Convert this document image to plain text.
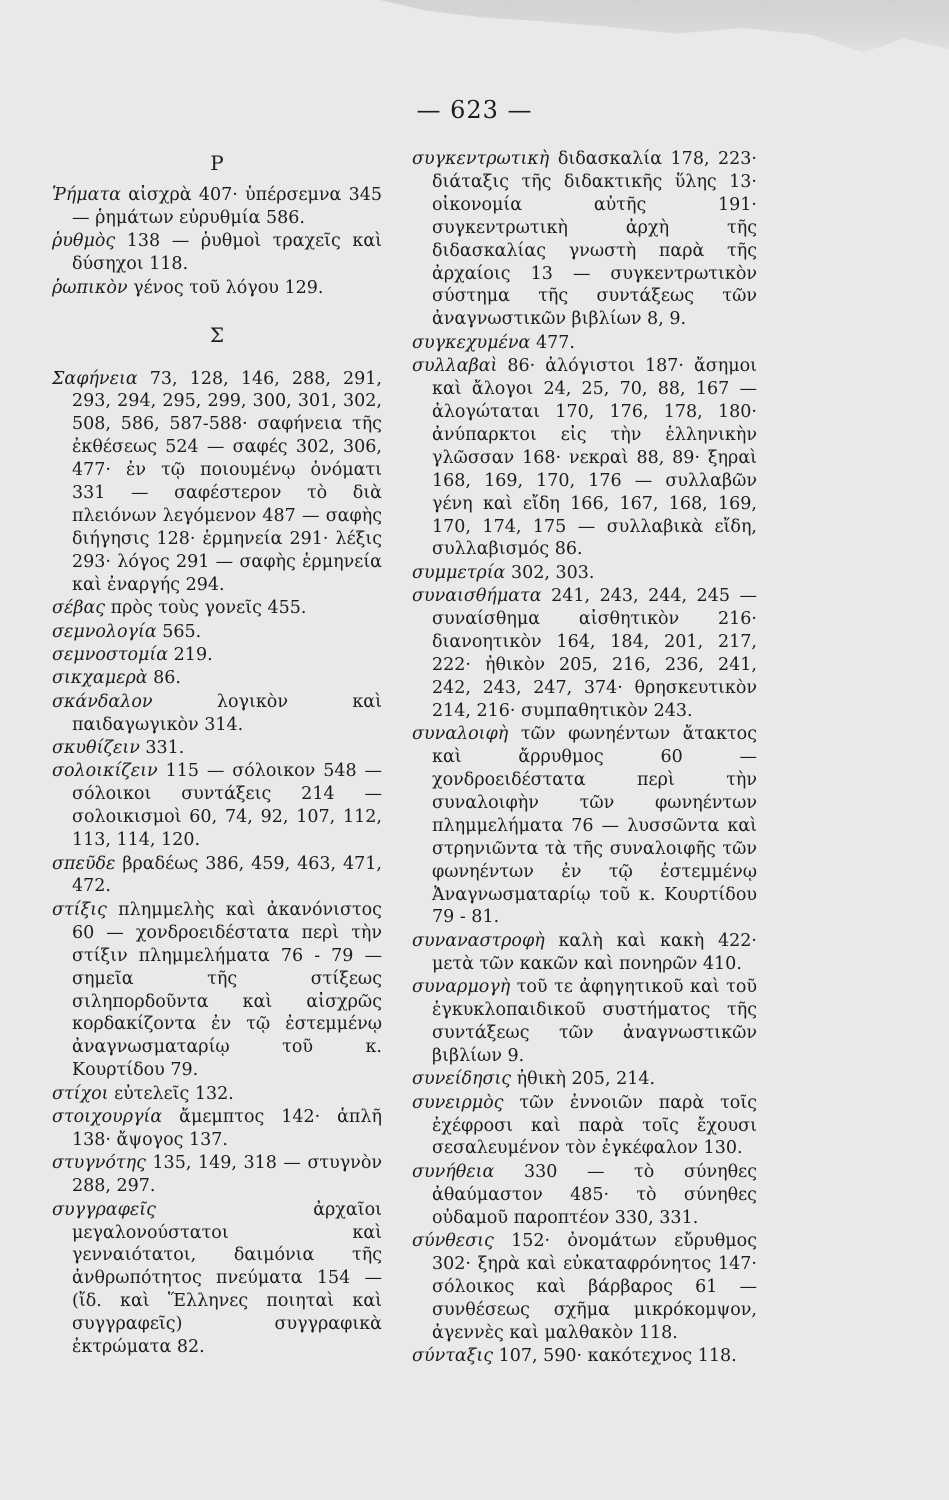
— 623 —
Ρ

Ῥήματα αἰσχρὰ 407· ὑπέρσεμνα 345 — ῥημάτων εὐρυθμία 586.

ῥυθμὸς 138 — ῥυθμοὶ τραχεῖς καὶ δύσηχοι 118.

ῥωπικὸν γένος τοῦ λόγου 129.

Σ

Σαφήνεια 73, 128, 146, 288, 291, 293, 294, 295, 299, 300, 301, 302, 508, 586, 587-588· σαφήνεια τῆς ἐκθέσεως 524 — σαφές 302, 306, 477· ἐν τῷ ποιουμένῳ ὀνόματι 331 — σαφέστερον τὸ διὰ πλειόνων λεγόμενον 487 — σαφὴς διήγησις 128· ἑρμηνεία 291· λέξις 293· λόγος 291 — σαφὴς ἑρμηνεία καὶ ἐναργής 294.

σέβας πρὸς τοὺς γονεῖς 455.

σεμνολογία 565.

σεμνοστομία 219.

σικχαμερὰ 86.

σκάνδαλον λογικὸν καὶ παιδαγωγικὸν 314.

σκυθίζειν 331.

σολοικίζειν 115 — σόλοικον 548 — σόλοικοι συντάξεις 214 — σολοικισμοὶ 60, 74, 92, 107, 112, 113, 114, 120.

σπεῦδε βραδέως 386, 459, 463, 471, 472.

στίξις πλημμελὴς καὶ ἀκανόνιστος 60 — χονδροειδέστατα περὶ τὴν στίξιν πλημμελήματα 76 - 79 — σημεῖα τῆς στίξεως σιληπορδοῦντα καὶ αἰσχρῶς κορδακίζοντα ἐν τῷ ἐστεμμένῳ ἀναγνωσματαρίῳ τοῦ κ. Κουρτίδου 79.

στίχοι εὐτελεῖς 132.

στοιχουργία ἄμεμπτος 142· ἁπλῆ 138· ἄψογος 137.

στυγνότης 135, 149, 318 — στυγνὸν 288, 297.

συγγραφεῖς ἀρχαῖοι μεγαλονούστατοι καὶ γενναιότατοι, δαιμόνια τῆς ἀνθρωπότητος πνεύματα 154 — (ἴδ. καὶ Ἕλληνες ποιηταὶ καὶ συγγραφεῖς) συγγραφικὰ ἐκτρώματα 82.

συγκεντρωτικὴ διδασκαλία 178, 223· διάταξις τῆς διδακτικῆς ὕλης 13· οἰκονομία αὐτῆς 191· συγκεντρωτικὴ ἀρχὴ τῆς διδασκαλίας γνωστὴ παρὰ τῆς ἀρχαίοις 13 — συγκεντρωτικὸν σύστημα τῆς συντάξεως τῶν ἀναγνωστικῶν βιβλίων 8, 9.

συγκεχυμένα 477.

συλλαβαὶ 86· ἀλόγιστοι 187· ἄσημοι καὶ ἄλογοι 24, 25, 70, 88, 167 — ἀλογώταται 170, 176, 178, 180· ἀνύπαρκτοι εἰς τὴν ἑλληνικὴν γλῶσσαν 168· νεκραὶ 88, 89· ξηραὶ 168, 169, 170, 176 — συλλαβῶν γένη καὶ εἴδη 166, 167, 168, 169, 170, 174, 175 — συλλαβικὰ εἴδη, συλλαβισμός 86.

συμμετρία 302, 303.

συναισθήματα 241, 243, 244, 245 — συναίσθημα αἰσθητικὸν 216· διανοητικὸν 164, 184, 201, 217, 222· ἠθικὸν 205, 216, 236, 241, 242, 243, 247, 374· θρησκευτικὸν 214, 216· συμπαθητικὸν 243.

συναλοιφὴ τῶν φωνηέντων ἄτακτος καὶ ἄρρυθμος 60 — χονδροειδέστατα περὶ τὴν συναλοιφὴν τῶν φωνηέντων πλημμελήματα 76 — λυσσῶντα καὶ στρηνιῶντα τὰ τῆς συναλοιφῆς τῶν φωνηέντων ἐν τῷ ἐστεμμένῳ Ἀναγνωσματαρίῳ τοῦ κ. Κουρτίδου 79 - 81.

συναναστροφὴ καλὴ καὶ κακὴ 422· μετὰ τῶν κακῶν καὶ πονηρῶν 410.

συναρμογὴ τοῦ τε ἀφηγητικοῦ καὶ τοῦ ἐγκυκλοπαιδικοῦ συστήματος τῆς συντάξεως τῶν ἀναγνωστικῶν βιβλίων 9.

συνείδησις ἠθικὴ 205, 214.

συνειρμὸς τῶν ἐννοιῶν παρὰ τοῖς ἐχέφροσι καὶ παρὰ τοῖς ἔχουσι σεσαλευμένον τὸν ἐγκέφαλον 130.

συνήθεια 330 — τὸ σύνηθες ἀθαύμαστον 485· τὸ σύνηθες οὐδαμοῦ παροπτέον 330, 331.

σύνθεσις 152· ὀνομάτων εὔρυθμος 302· ξηρὰ καὶ εὐκαταφρόνητος 147· σόλοικος καὶ βάρβαρος 61 — συνθέσεως σχῆμα μικρόκομψον, ἀγεννὲς καὶ μαλθακὸν 118.

σύνταξις 107, 590· κακότεχνος 118.
